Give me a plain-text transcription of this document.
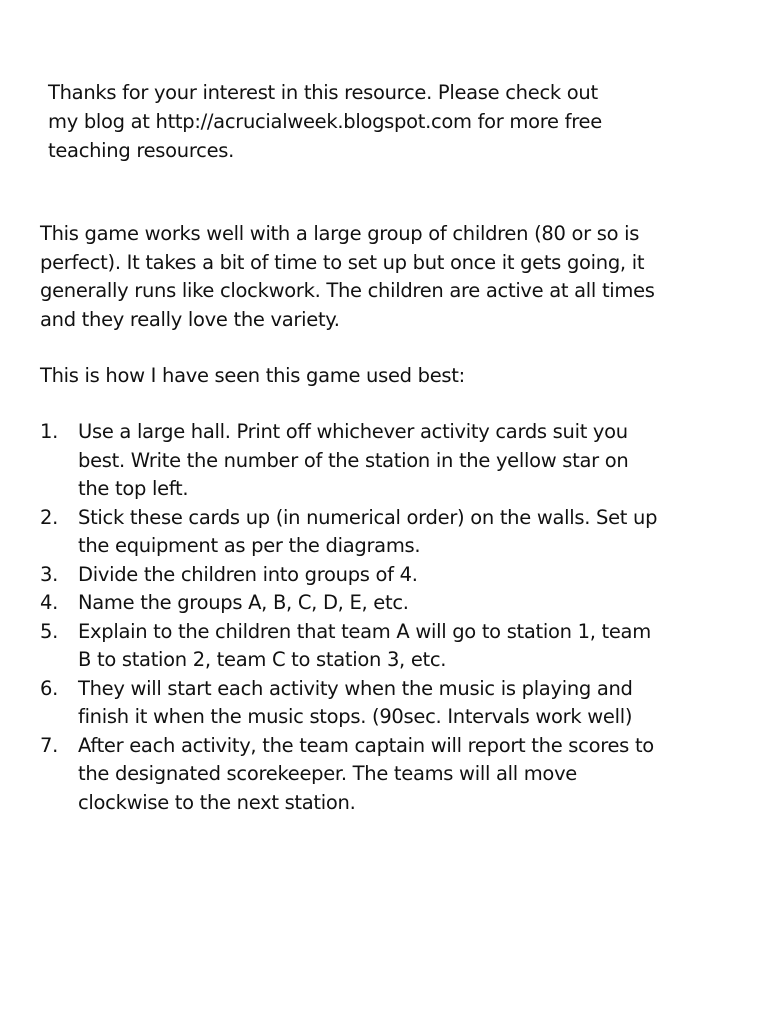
Thanks for your interest in this resource. Please check out
my blog at http://acrucialweek.blogspot.com for more free
teaching resources.
This game works well with a large group of children (80 or so is
perfect). It takes a bit of time to set up but once it gets going, it
generally runs like clockwork. The children are active at all times
and they really love the variety.
This is how I have seen this game used best:
1.	Use a large hall. Print off whichever activity cards suit you
best. Write the number of the station in the yellow star on
the top left.
2.	Stick these cards up (in numerical order) on the walls. Set up
the equipment as per the diagrams.
3.	Divide the children into groups of 4.
4.	Name the groups A, B, C, D, E, etc.
5.	Explain to the children that team A will go to station 1, team
B to station 2, team C to station 3, etc.
6.	They will start each activity when the music is playing and
finish it when the music stops. (90sec. Intervals work well)
7.	After each activity, the team captain will report the scores to
the designated scorekeeper. The teams will all move
clockwise to the next station.
